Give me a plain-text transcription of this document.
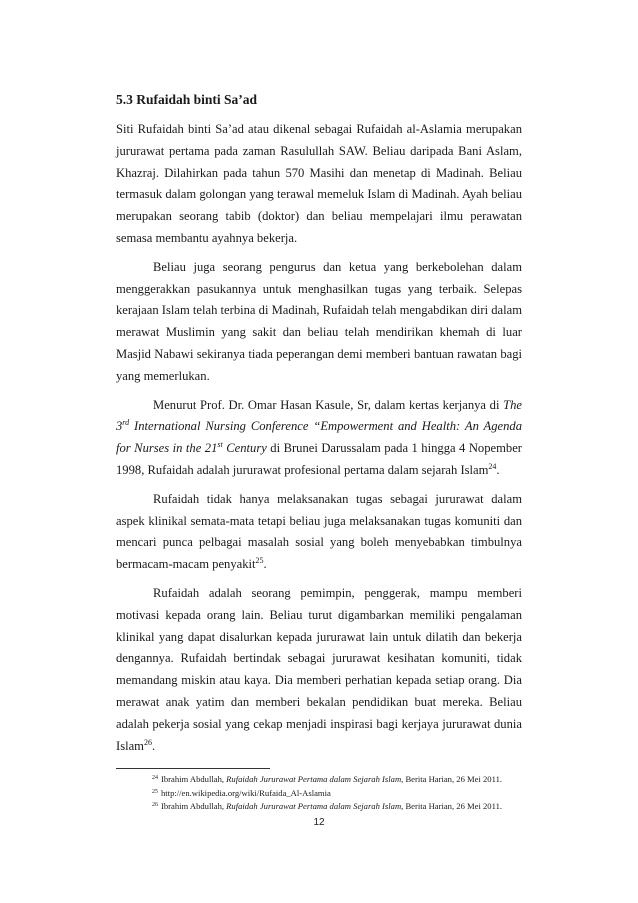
5.3 Rufaidah binti Sa’ad

Siti Rufaidah binti Sa’ad atau dikenal sebagai Rufaidah al-Aslamia merupakan jururawat pertama pada zaman Rasulullah SAW. Beliau daripada Bani Aslam, Khazraj. Dilahirkan pada tahun 570 Masihi dan menetap di Madinah. Beliau termasuk dalam golongan yang terawal memeluk Islam di Madinah. Ayah beliau merupakan seorang tabib (doktor) dan beliau mempelajari ilmu perawatan semasa membantu ayahnya bekerja.

Beliau juga seorang pengurus dan ketua yang berkebolehan dalam menggerakkan pasukannya untuk menghasilkan tugas yang terbaik. Selepas kerajaan Islam telah terbina di Madinah, Rufaidah telah mengabdikan diri dalam merawat Muslimin yang sakit dan beliau telah mendirikan khemah di luar Masjid Nabawi sekiranya tiada peperangan demi memberi bantuan rawatan bagi yang memerlukan.

Menurut Prof. Dr. Omar Hasan Kasule, Sr, dalam kertas kerjanya di The 3rd International Nursing Conference “Empowerment and Health: An Agenda for Nurses in the 21st Century di Brunei Darussalam pada 1 hingga 4 Nopember 1998, Rufaidah adalah jururawat profesional pertama dalam sejarah Islam$^{24}$.

Rufaidah tidak hanya melaksanakan tugas sebagai jururawat dalam aspek klinikal semata-mata tetapi beliau juga melaksanakan tugas komuniti dan mencari punca pelbagai masalah sosial yang boleh menyebabkan timbulnya bermacam-macam penyakit$^{25}$.

Rufaidah adalah seorang pemimpin, penggerak, mampu memberi motivasi kepada orang lain. Beliau turut digambarkan memiliki pengalaman klinikal yang dapat disalurkan kepada jururawat lain untuk dilatih dan bekerja dengannya. Rufaidah bertindak sebagai jururawat kesihatan komuniti, tidak memandang miskin atau kaya. Dia memberi perhatian kepada setiap orang. Dia merawat anak yatim dan memberi bekalan pendidikan buat mereka. Beliau adalah pekerja sosial yang cekap menjadi inspirasi bagi kerjaya jururawat dunia Islam$^{26}$.

$^{24}$ Ibrahim Abdullah, Rufaidah Jururawat Pertama dalam Sejarah Islam, Berita Harian, 26 Mei 2011.
$^{25}$ http://en.wikipedia.org/wiki/Rufaida_Al-Aslamia
$^{26}$ Ibrahim Abdullah, Rufaidah Jururawat Pertama dalam Sejarah Islam, Berita Harian, 26 Mei 2011.
12
